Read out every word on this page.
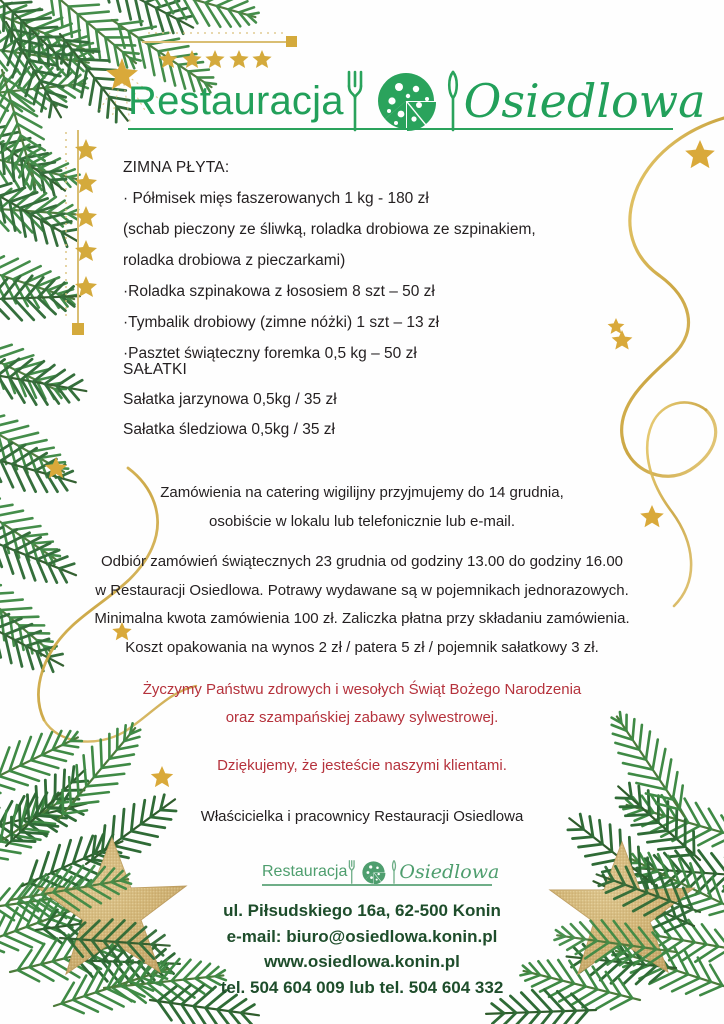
Restauracja	Osiedlowa
ZIMNA PŁYTA:
· Półmisek mięs faszerowanych 1 kg - 180 zł
(schab pieczony ze śliwką, roladka drobiowa ze szpinakiem,
roladka drobiowa z pieczarkami)
·Roladka szpinakowa z łososiem 8 szt – 50 zł
·Tymbalik drobiowy (zimne nóżki) 1 szt – 13 zł
·Pasztet świąteczny foremka 0,5 kg – 50 zł
SAŁATKI
Sałatka jarzynowa 0,5kg / 35 zł
Sałatka śledziowa 0,5kg / 35 zł
Zamówienia na catering wigilijny przyjmujemy do 14 grudnia,
osobiście w lokalu lub telefonicznie lub e-mail.
Odbiór zamówień świątecznych 23 grudnia od godziny 13.00 do godziny 16.00
w Restauracji Osiedlowa. Potrawy wydawane są w pojemnikach jednorazowych.
Minimalna kwota zamówienia 100 zł. Zaliczka płatna przy składaniu zamówienia.
Koszt opakowania na wynos 2 zł / patera 5 zł / pojemnik sałatkowy 3 zł.
Życzymy Państwu zdrowych i wesołych Świąt Bożego Narodzenia
oraz szampańskiej zabawy sylwestrowej.
Dziękujemy, że jesteście naszymi klientami.
Właścicielka i pracownicy Restauracji Osiedlowa
Restauracja	Osiedlowa
ul. Piłsudskiego 16a, 62-500 Konin
e-mail: biuro@osiedlowa.konin.pl
www.osiedlowa.konin.pl
tel. 504 604 009 lub tel. 504 604 332
